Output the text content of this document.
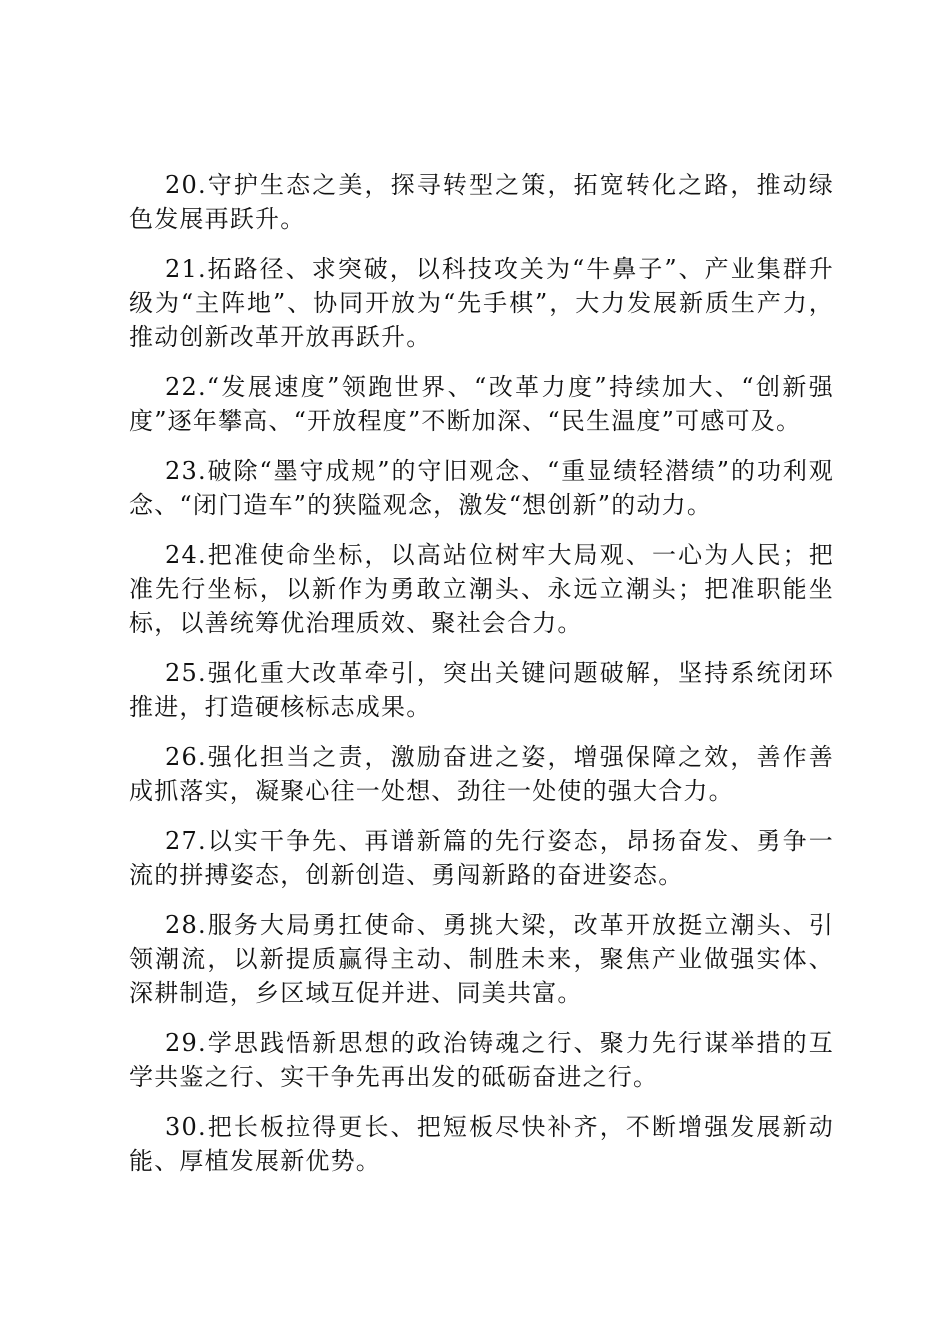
20.守护生态之美，探寻转型之策，拓宽转化之路，推动绿色发展再跃升。

21.拓路径、求突破，以科技攻关为“牛鼻子”、产业集群升级为“主阵地”、协同开放为“先手棋”，大力发展新质生产力，推动创新改革开放再跃升。

22.“发展速度”领跑世界、“改革力度”持续加大、“创新强度”逐年攀高、“开放程度”不断加深、“民生温度”可感可及。

23.破除“墨守成规”的守旧观念、“重显绩轻潜绩”的功利观念、“闭门造车”的狭隘观念，激发“想创新”的动力。

24.把准使命坐标，以高站位树牢大局观、一心为人民；把准先行坐标，以新作为勇敢立潮头、永远立潮头；把准职能坐标，以善统筹优治理质效、聚社会合力。

25.强化重大改革牵引，突出关键问题破解，坚持系统闭环推进，打造硬核标志成果。

26.强化担当之责，激励奋进之姿，增强保障之效，善作善成抓落实，凝聚心往一处想、劲往一处使的强大合力。

27.以实干争先、再谱新篇的先行姿态，昂扬奋发、勇争一流的拼搏姿态，创新创造、勇闯新路的奋进姿态。

28.服务大局勇扛使命、勇挑大梁，改革开放挺立潮头、引领潮流，以新提质赢得主动、制胜未来，聚焦产业做强实体、深耕制造，乡区域互促并进、同美共富。

29.学思践悟新思想的政治铸魂之行、聚力先行谋举措的互学共鉴之行、实干争先再出发的砥砺奋进之行。

30.把长板拉得更长、把短板尽快补齐，不断增强发展新动能、厚植发展新优势。
